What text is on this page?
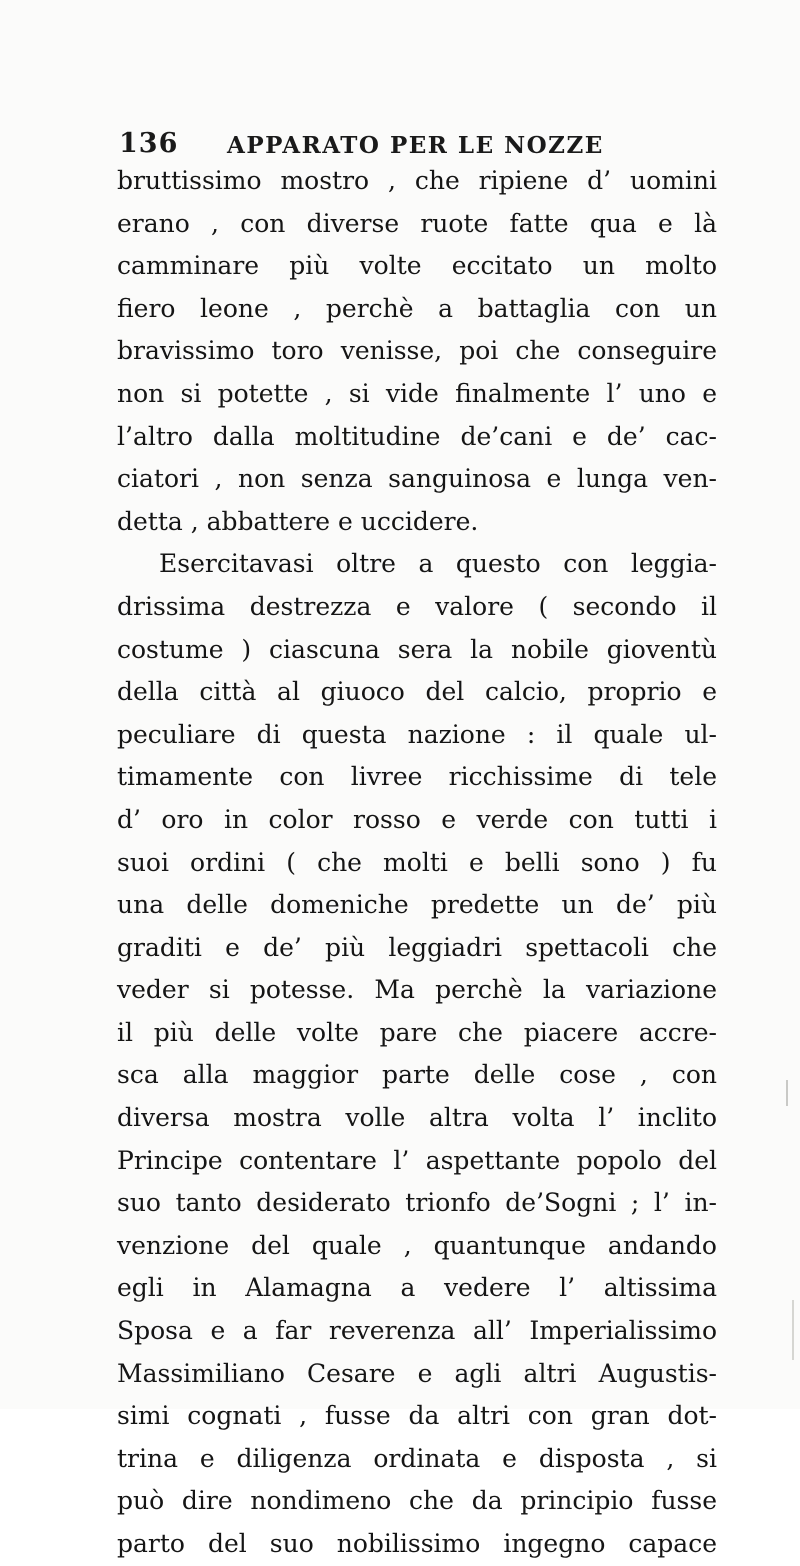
136 APPARATO PER LE NOZZE
bruttissimo mostro , che ripiene d’ uomini
erano , con diverse ruote fatte qua e là
camminare più volte eccitato un molto
fiero leone , perchè a battaglia con un
bravissimo toro venisse, poi che conseguire
non si potette , si vide finalmente l’ uno e
l’altro dalla moltitudine de’cani e de’ cac-
ciatori , non senza sanguinosa e lunga ven-
detta , abbattere e uccidere.
Esercitavasi oltre a questo con leggia-
drissima destrezza e valore ( secondo il
costume ) ciascuna sera la nobile gioventù
della città al giuoco del calcio, proprio e
peculiare di questa nazione : il quale ul-
timamente con livree ricchissime di tele
d’ oro in color rosso e verde con tutti i
suoi ordini ( che molti e belli sono ) fu
una delle domeniche predette un de’ più
graditi e de’ più leggiadri spettacoli che
veder si potesse. Ma perchè la variazione
il più delle volte pare che piacere accre-
sca alla maggior parte delle cose , con
diversa mostra volle altra volta l’ inclito
Principe contentare l’ aspettante popolo del
suo tanto desiderato trionfo de’Sogni ; l’ in-
venzione del quale , quantunque andando
egli in Alamagna a vedere l’ altissima
Sposa e a far reverenza all’ Imperialissimo
Massimiliano Cesare e agli altri Augustis-
simi cognati , fusse da altri con gran dot-
trina e diligenza ordinata e disposta , si
può dire nondimeno che da principio fusse
parto del suo nobilissimo ingegno capace
